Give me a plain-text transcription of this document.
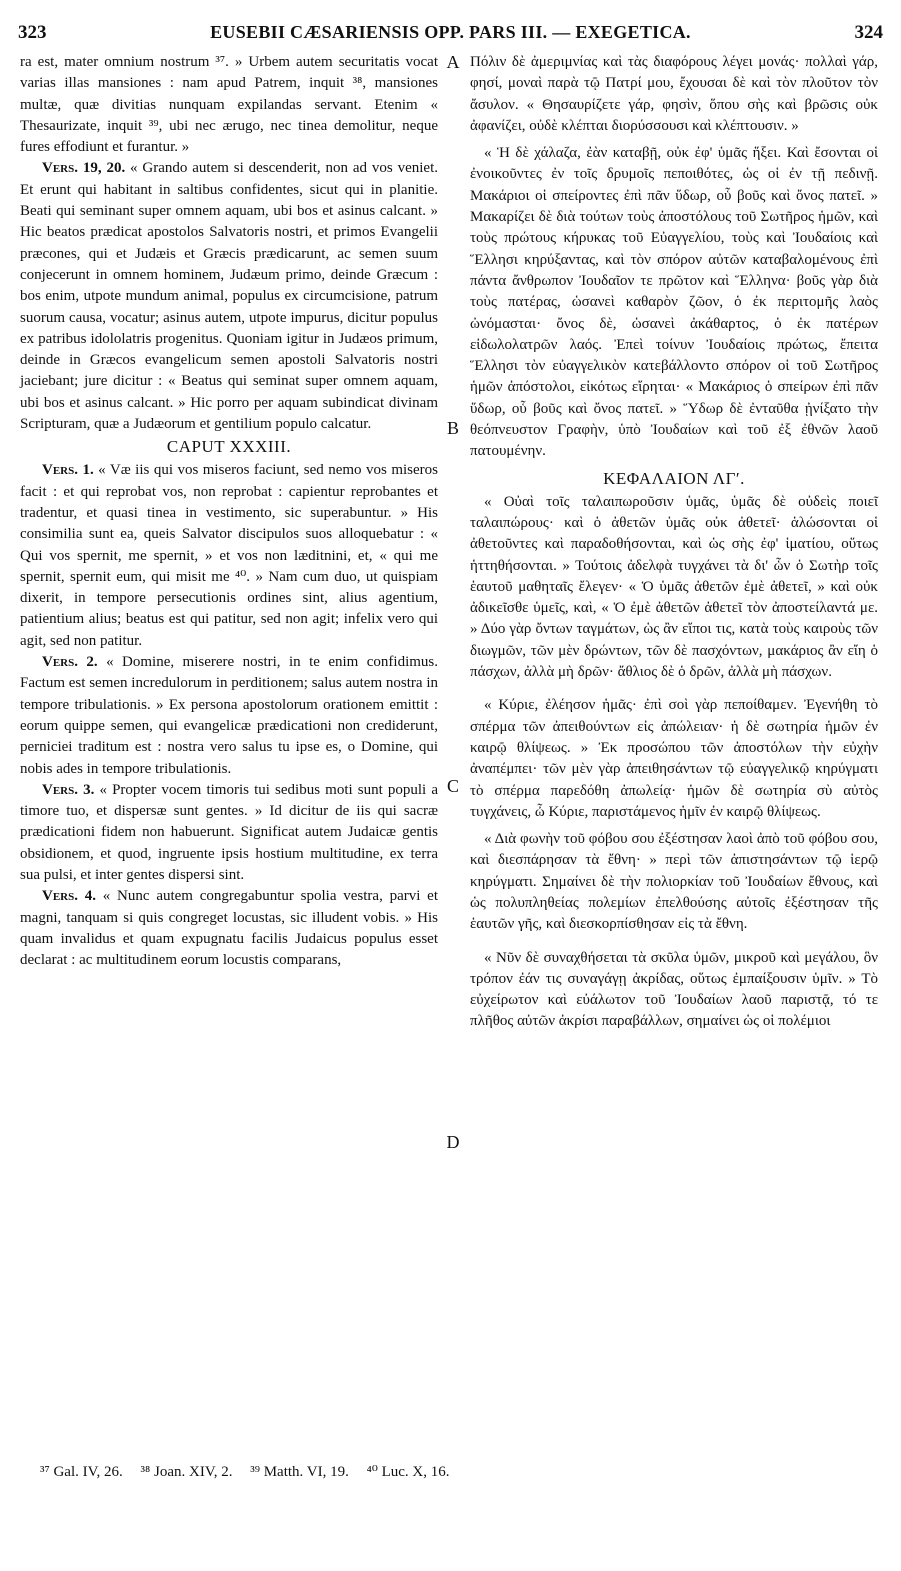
323	EUSEBII CÆSARIENSIS OPP. PARS III. — EXEGETICA.	324

ra est, mater omnium nostrum ³⁷. » Urbem autem securitatis vocat varias illas mansiones : nam apud Patrem, inquit ³⁸, mansiones multæ, quæ divitias nunquam expilandas servant. Etenim « Thesaurizate, inquit ³⁹, ubi nec ærugo, nec tinea demolitur, neque fures effodiunt et furantur. »

Vers. 19, 20. « Grando autem si descenderit, non ad vos veniet. Et erunt qui habitant in saltibus confidentes, sicut qui in planitie. Beati qui seminant super omnem aquam, ubi bos et asinus calcant. » Hic beatos prædicat apostolos Salvatoris nostri, et primos Evangelii præcones, qui et Judæis et Græcis prædicarunt, ac semen suum conjecerunt in omnem hominem, Judæum primo, deinde Græcum : bos enim, utpote mundum animal, populus ex circumcisione, patrum suorum causa, vocatur; asinus autem, utpote impurus, dicitur populus ex patribus idololatris progenitus. Quoniam igitur in Judæos primum, deinde in Græcos evangelicum semen apostoli Salvatoris nostri jaciebant; jure dicitur : « Beatus qui seminat super omnem aquam, ubi bos et asinus calcant. » Hic porro per aquam subindicat divinam Scripturam, quæ a Judæorum et gentilium populo calcatur.

CAPUT XXXIII.

Vers. 1. « Væ iis qui vos miseros faciunt, sed nemo vos miseros facit : et qui reprobat vos, non reprobat : capientur reprobantes et tradentur, et quasi tinea in vestimento, sic superabuntur. » His consimilia sunt ea, queis Salvator discipulos suos alloquebatur : « Qui vos spernit, me spernit, » et vos non læditnini, et, « qui me spernit, spernit eum, qui misit me ⁴⁰. » Nam cum duo, ut quispiam dixerit, in tempore persecutionis ordines sint, alius agentium, patientium alius; beatus est qui patitur, sed non agit; infelix vero qui agit, sed non patitur.

Vers. 2. « Domine, miserere nostri, in te enim confidimus. Factum est semen incredulorum in perditionem; salus autem nostra in tempore tribulationis. » Ex persona apostolorum orationem emittit : eorum quippe semen, qui evangelicæ prædicationi non crediderunt, perniciei traditum est : nostra vero salus tu ipse es, o Domine, qui nobis ades in tempore tribulationis.

Vers. 3. « Propter vocem timoris tui sedibus moti sunt populi a timore tuo, et dispersæ sunt gentes. » Id dicitur de iis qui sacræ prædicationi fidem non habuerunt. Significat autem Judaicæ gentis obsidionem, et quod, ingruente ipsis hostium multitudine, ex terra sua pulsi, et inter gentes dispersi sint.

Vers. 4. « Nunc autem congregabuntur spolia vestra, parvi et magni, tanquam si quis congreget locustas, sic illudent vobis. » His quam invalidus et quam expugnatu facilis Judaicus populus esset declarat : ac multitudinem eorum locustis comparans,

A
B
C
D

Πόλιν δὲ ἀμεριμνίας καὶ τὰς διαφόρους λέγει μονάς· πολλαὶ γάρ, φησί, μοναὶ παρὰ τῷ Πατρί μου, ἔχουσαι δὲ καὶ τὸν πλοῦτον τὸν ἄσυλον. « Θησαυρίζετε γάρ, φησὶν, ὅπου σὴς καὶ βρῶσις οὐκ ἀφανίζει, οὐδὲ κλέπται διορύσσουσι καὶ κλέπτουσιν. »

« Ἡ δὲ χάλαζα, ἐὰν καταβῇ, οὐκ ἐφ' ὑμᾶς ἥξει. Καὶ ἔσονται οἱ ἐνοικοῦντες ἐν τοῖς δρυμοῖς πεποιθότες, ὡς οἱ ἐν τῇ πεδινῇ. Μακάριοι οἱ σπείροντες ἐπὶ πᾶν ὕδωρ, οὗ βοῦς καὶ ὄνος πατεῖ. » Μακαρίζει δὲ διὰ τούτων τοὺς ἀποστόλους τοῦ Σωτῆρος ἡμῶν, καὶ τοὺς πρώτους κήρυκας τοῦ Εὐαγγελίου, τοὺς καὶ Ἰουδαίοις καὶ Ἕλλησι κηρύξαντας, καὶ τὸν σπόρον αὐτῶν καταβαλομένους ἐπὶ πάντα ἄνθρωπον Ἰουδαῖον τε πρῶτον καὶ Ἕλληνα· βοῦς γὰρ διὰ τοὺς πατέρας, ὡσανεὶ καθαρὸν ζῶον, ὁ ἐκ περιτομῆς λαὸς ὠνόμασται· ὄνος δὲ, ὡσανεὶ ἀκάθαρτος, ὁ ἐκ πατέρων εἰδωλολατρῶν λαός. Ἐπεὶ τοίνυν Ἰουδαίοις πρώτως, ἔπειτα Ἕλλησι τὸν εὐαγγελικὸν κατεβάλλοντο σπόρον οἱ τοῦ Σωτῆρος ἡμῶν ἀπόστολοι, εἰκότως εἴρηται· « Μακάριος ὁ σπείρων ἐπὶ πᾶν ὕδωρ, οὗ βοῦς καὶ ὄνος πατεῖ. » Ὕδωρ δὲ ἐνταῦθα ᾐνίξατο τὴν θεόπνευστον Γραφὴν, ὑπὸ Ἰουδαίων καὶ τοῦ ἐξ ἐθνῶν λαοῦ πατουμένην.

ΚΕΦΑΛΑΙΟΝ ΛΓʹ.

« Οὐαὶ τοῖς ταλαιπωροῦσιν ὑμᾶς, ὑμᾶς δὲ οὐδεὶς ποιεῖ ταλαιπώρους· καὶ ὁ ἀθετῶν ὑμᾶς οὐκ ἀθετεῖ· ἁλώσονται οἱ ἀθετοῦντες καὶ παραδοθήσονται, καὶ ὡς σὴς ἐφ' ἱματίου, οὕτως ἡττηθήσονται. » Τούτοις ἀδελφὰ τυγχάνει τὰ δι' ὧν ὁ Σωτὴρ τοῖς ἑαυτοῦ μαθηταῖς ἔλεγεν· « Ὁ ὑμᾶς ἀθετῶν ἐμὲ ἀθετεῖ, » καὶ οὐκ ἀδικεῖσθε ὑμεῖς, καὶ, « Ὁ ἐμὲ ἀθετῶν ἀθετεῖ τὸν ἀποστείλαντά με. » Δύο γὰρ ὄντων ταγμάτων, ὡς ἂν εἴποι τις, κατὰ τοὺς καιροὺς τῶν διωγμῶν, τῶν μὲν δρώντων, τῶν δὲ πασχόντων, μακάριος ἂν εἴη ὁ πάσχων, ἀλλὰ μὴ δρῶν· ἄθλιος δὲ ὁ δρῶν, ἀλλὰ μὴ πάσχων.

« Κύριε, ἐλέησον ἡμᾶς· ἐπὶ σοὶ γὰρ πεποίθαμεν. Ἐγενήθη τὸ σπέρμα τῶν ἀπειθούντων εἰς ἀπώλειαν· ἡ δὲ σωτηρία ἡμῶν ἐν καιρῷ θλίψεως. » Ἐκ προσώπου τῶν ἀποστόλων τὴν εὐχὴν ἀναπέμπει· τῶν μὲν γὰρ ἀπειθησάντων τῷ εὐαγγελικῷ κηρύγματι τὸ σπέρμα παρεδόθη ἀπωλείᾳ· ἡμῶν δὲ σωτηρία σὺ αὐτὸς τυγχάνεις, ὦ Κύριε, παριστάμενος ἡμῖν ἐν καιρῷ θλίψεως.

« Διὰ φωνὴν τοῦ φόβου σου ἐξέστησαν λαοὶ ἀπὸ τοῦ φόβου σου, καὶ διεσπάρησαν τὰ ἔθνη· » περὶ τῶν ἀπιστησάντων τῷ ἱερῷ κηρύγματι. Σημαίνει δὲ τὴν πολιορκίαν τοῦ Ἰουδαίων ἔθνους, καὶ ὡς πολυπληθείας πολεμίων ἐπελθούσης αὐτοῖς ἐξέστησαν τῆς ἑαυτῶν γῆς, καὶ διεσκορπίσθησαν εἰς τὰ ἔθνη.

« Νῦν δὲ συναχθήσεται τὰ σκῦλα ὑμῶν, μικροῦ καὶ μεγάλου, ὃν τρόπον ἐάν τις συναγάγῃ ἀκρίδας, οὕτως ἐμπαίξουσιν ὑμῖν. » Τὸ εὐχείρωτον καὶ εὐάλωτον τοῦ Ἰουδαίων λαοῦ παριστᾷ, τό τε πλῆθος αὐτῶν ἀκρίσι παραβάλλων, σημαίνει ὡς οἱ πολέμιοι

³⁷ Gal. IV, 26. ³⁸ Joan. XIV, 2. ³⁹ Matth. VI, 19. ⁴⁰ Luc. X, 16.
